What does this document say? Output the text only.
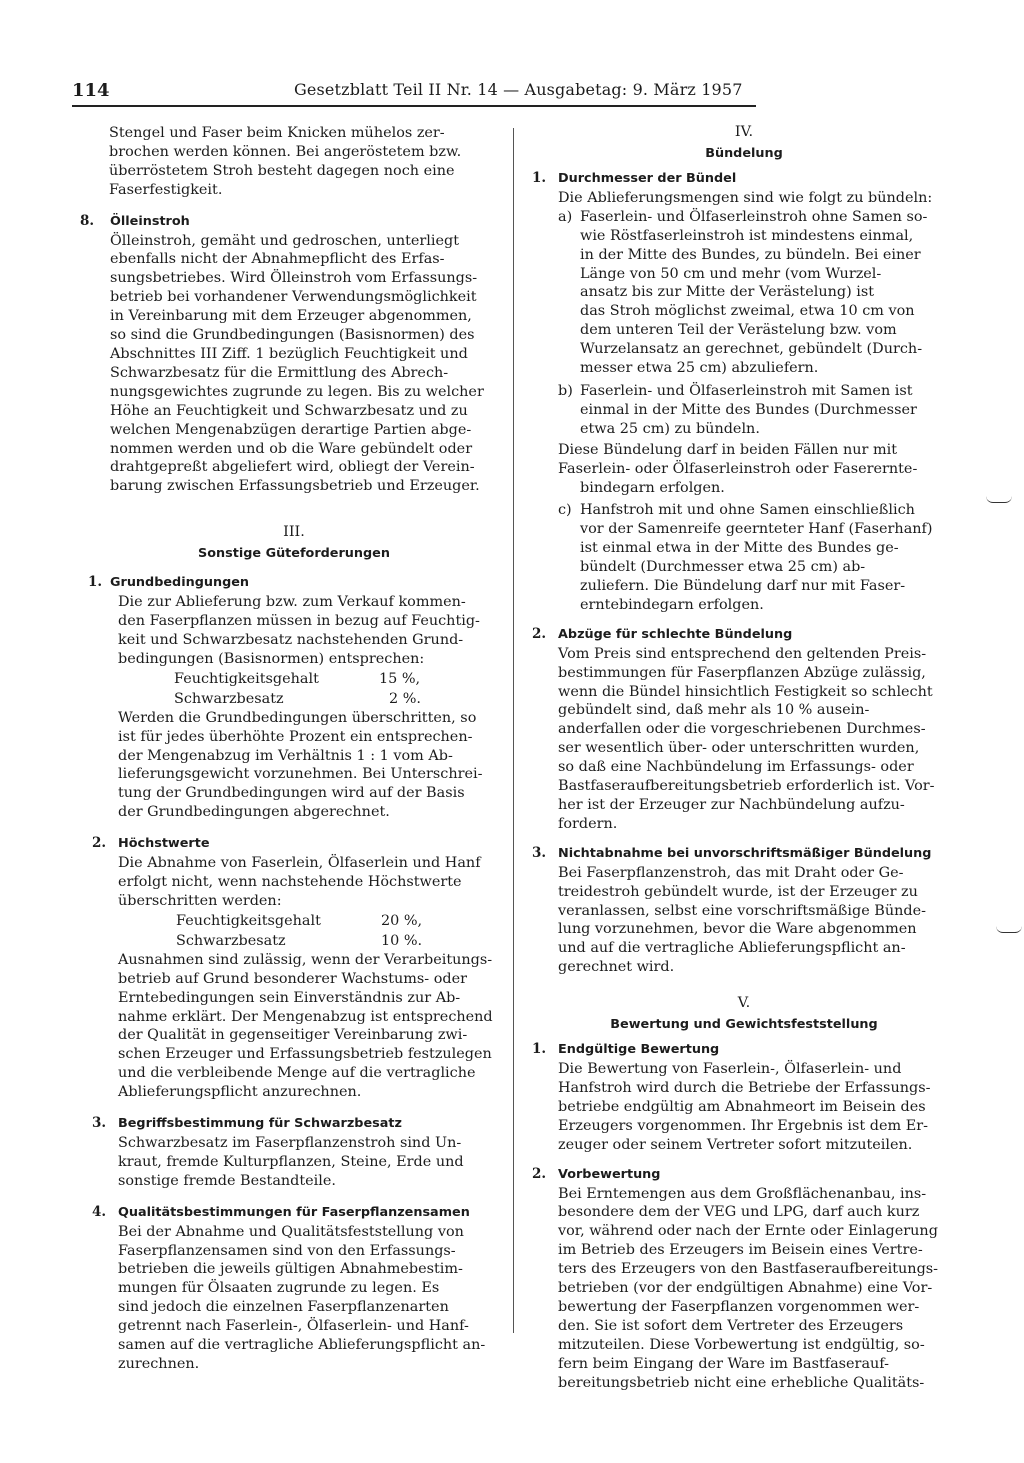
114	Gesetzblatt Teil II Nr. 14 — Ausgabetag: 9. März 1957

Stengel und Faser beim Knicken mühelos zer-

brochen werden können. Bei angeröstetem bzw.

überröstetem Stroh besteht dagegen noch eine

Faserfestigkeit.

8. Ölleinstroh

Ölleinstroh, gemäht und gedroschen, unterliegt

ebenfalls nicht der Abnahmepflicht des Erfas-

sungsbetriebes. Wird Ölleinstroh vom Erfassungs-

betrieb bei vorhandener Verwendungsmöglichkeit

in Vereinbarung mit dem Erzeuger abgenommen,

so sind die Grundbedingungen (Basisnormen) des

Abschnittes III Ziff. 1 bezüglich Feuchtigkeit und

Schwarzbesatz für die Ermittlung des Abrech-

nungsgewichtes zugrunde zu legen. Bis zu welcher

Höhe an Feuchtigkeit und Schwarzbesatz und zu

welchen Mengenabzügen derartige Partien abge-

nommen werden und ob die Ware gebündelt oder

drahtgepreßt abgeliefert wird, obliegt der Verein-

barung zwischen Erfassungsbetrieb und Erzeuger.

III.

Sonstige Güteforderungen

1. Grundbedingungen

Die zur Ablieferung bzw. zum Verkauf kommen-

den Faserpflanzen müssen in bezug auf Feuchtig-

keit und Schwarzbesatz nachstehenden Grund-

bedingungen (Basisnormen) entsprechen:

Feuchtigkeitsgehalt	15 %,
Schwarzbesatz	2 %.

Werden die Grundbedingungen überschritten, so

ist für jedes überhöhte Prozent ein entsprechen-

der Mengenabzug im Verhältnis 1 : 1 vom Ab-

lieferungsgewicht vorzunehmen. Bei Unterschrei-

tung der Grundbedingungen wird auf der Basis

der Grundbedingungen abgerechnet.

2. Höchstwerte

Die Abnahme von Faserlein, Ölfaserlein und Hanf

erfolgt nicht, wenn nachstehende Höchstwerte

überschritten werden:

Feuchtigkeitsgehalt	20 %,
Schwarzbesatz	10 %.

Ausnahmen sind zulässig, wenn der Verarbeitungs-

betrieb auf Grund besonderer Wachstums- oder

Erntebedingungen sein Einverständnis zur Ab-

nahme erklärt. Der Mengenabzug ist entsprechend

der Qualität in gegenseitiger Vereinbarung zwi-

schen Erzeuger und Erfassungsbetrieb festzulegen

und die verbleibende Menge auf die vertragliche

Ablieferungspflicht anzurechnen.

3. Begriffsbestimmung für Schwarzbesatz

Schwarzbesatz im Faserpflanzenstroh sind Un-

kraut, fremde Kulturpflanzen, Steine, Erde und

sonstige fremde Bestandteile.

4. Qualitätsbestimmungen für Faserpflanzensamen

Bei der Abnahme und Qualitätsfeststellung von

Faserpflanzensamen sind von den Erfassungs-

betrieben die jeweils gültigen Abnahmebestim-

mungen für Ölsaaten zugrunde zu legen. Es

sind jedoch die einzelnen Faserpflanzenarten

getrennt nach Faserlein-, Ölfaserlein- und Hanf-

samen auf die vertragliche Ablieferungspflicht an-

zurechnen.

IV.

Bündelung

1. Durchmesser der Bündel

Die Ablieferungsmengen sind wie folgt zu bündeln:

a) Faserlein- und Ölfaserleinstroh ohne Samen so-

wie Röstfaserleinstroh ist mindestens einmal,

in der Mitte des Bundes, zu bündeln. Bei einer

Länge von 50 cm und mehr (vom Wurzel-

ansatz bis zur Mitte der Verästelung) ist

das Stroh möglichst zweimal, etwa 10 cm von

dem unteren Teil der Verästelung bzw. vom

Wurzelansatz an gerechnet, gebündelt (Durch-

messer etwa 25 cm) abzuliefern.

b) Faserlein- und Ölfaserleinstroh mit Samen ist

einmal in der Mitte des Bundes (Durchmesser

etwa 25 cm) zu bündeln.

Diese Bündelung darf in beiden Fällen nur mit

Faserlein- oder Ölfaserleinstroh oder Faserernte-

bindegarn erfolgen.

c) Hanfstroh mit und ohne Samen einschließlich

vor der Samenreife geernteter Hanf (Faserhanf)

ist einmal etwa in der Mitte des Bundes ge-

bündelt (Durchmesser etwa 25 cm) ab-

zuliefern. Die Bündelung darf nur mit Faser-

erntebindegarn erfolgen.

2. Abzüge für schlechte Bündelung

Vom Preis sind entsprechend den geltenden Preis-

bestimmungen für Faserpflanzen Abzüge zulässig,

wenn die Bündel hinsichtlich Festigkeit so schlecht

gebündelt sind, daß mehr als 10 % ausein-

anderfallen oder die vorgeschriebenen Durchmes-

ser wesentlich über- oder unterschritten wurden,

so daß eine Nachbündelung im Erfassungs- oder

Bastfaseraufbereitungsbetrieb erforderlich ist. Vor-

her ist der Erzeuger zur Nachbündelung aufzu-

fordern.

3. Nichtabnahme bei unvorschriftsmäßiger Bündelung

Bei Faserpflanzenstroh, das mit Draht oder Ge-

treidestroh gebündelt wurde, ist der Erzeuger zu

veranlassen, selbst eine vorschriftsmäßige Bünde-

lung vorzunehmen, bevor die Ware abgenommen

und auf die vertragliche Ablieferungspflicht an-

gerechnet wird.

V.

Bewertung und Gewichtsfeststellung

1. Endgültige Bewertung

Die Bewertung von Faserlein-, Ölfaserlein- und

Hanfstroh wird durch die Betriebe der Erfassungs-

betriebe endgültig am Abnahmeort im Beisein des

Erzeugers vorgenommen. Ihr Ergebnis ist dem Er-

zeuger oder seinem Vertreter sofort mitzuteilen.

2. Vorbewertung

Bei Erntemengen aus dem Großflächenanbau, ins-

besondere dem der VEG und LPG, darf auch kurz

vor, während oder nach der Ernte oder Einlagerung

im Betrieb des Erzeugers im Beisein eines Vertre-

ters des Erzeugers von den Bastfaseraufbereitungs-

betrieben (vor der endgültigen Abnahme) eine Vor-

bewertung der Faserpflanzen vorgenommen wer-

den. Sie ist sofort dem Vertreter des Erzeugers

mitzuteilen. Diese Vorbewertung ist endgültig, so-

fern beim Eingang der Ware im Bastfaserauf-

bereitungsbetrieb nicht eine erhebliche Qualitäts-
